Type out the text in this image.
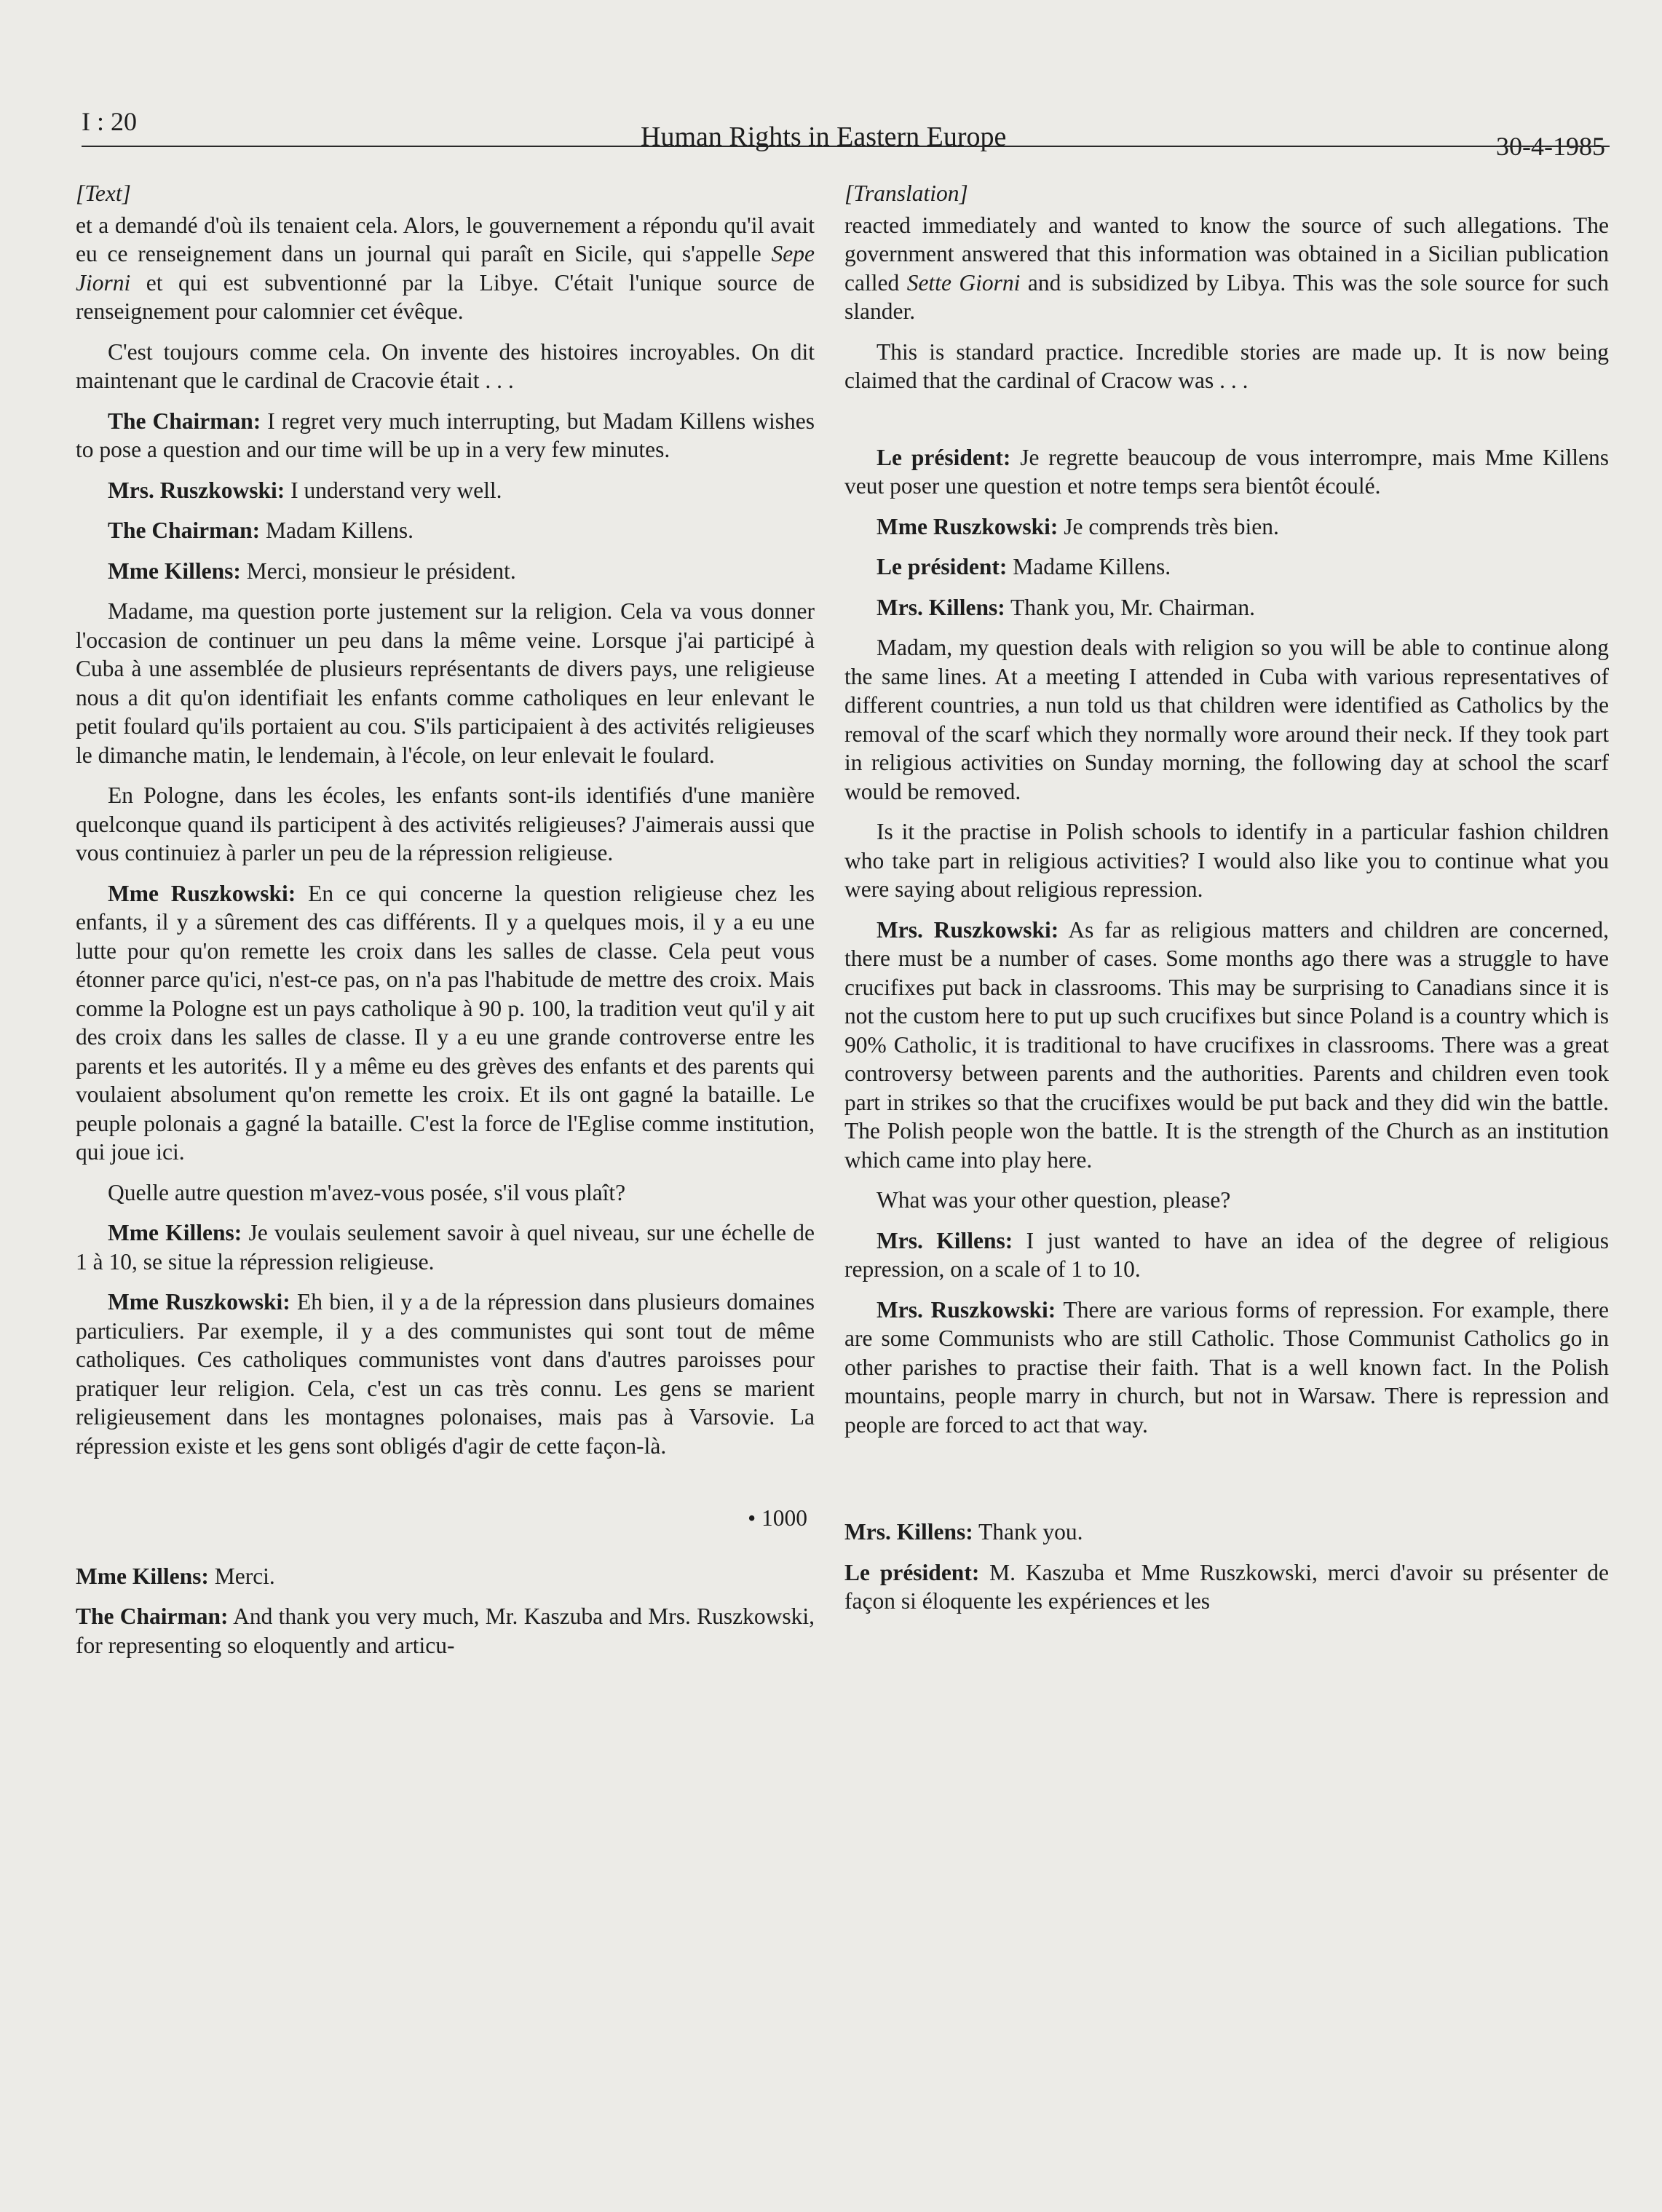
I : 20	Human Rights in Eastern Europe	30-4-1985
[Text]

et a demandé d'où ils tenaient cela. Alors, le gouvernement a répondu qu'il avait eu ce renseignement dans un journal qui paraît en Sicile, qui s'appelle Sepe Jiorni et qui est subventionné par la Libye. C'était l'unique source de renseignement pour calomnier cet évêque.

C'est toujours comme cela. On invente des histoires incroyables. On dit maintenant que le cardinal de Cracovie était . . .

The Chairman: I regret very much interrupting, but Madam Killens wishes to pose a question and our time will be up in a very few minutes.

Mrs. Ruszkowski: I understand very well.

The Chairman: Madam Killens.

Mme Killens: Merci, monsieur le président.

Madame, ma question porte justement sur la religion. Cela va vous donner l'occasion de continuer un peu dans la même veine. Lorsque j'ai participé à Cuba à une assemblée de plusieurs représentants de divers pays, une religieuse nous a dit qu'on identifiait les enfants comme catholiques en leur enlevant le petit foulard qu'ils portaient au cou. S'ils participaient à des activités religieuses le dimanche matin, le lendemain, à l'école, on leur enlevait le foulard.

En Pologne, dans les écoles, les enfants sont-ils identifiés d'une manière quelconque quand ils participent à des activités religieuses? J'aimerais aussi que vous continuiez à parler un peu de la répression religieuse.

Mme Ruszkowski: En ce qui concerne la question religieuse chez les enfants, il y a sûrement des cas différents. Il y a quelques mois, il y a eu une lutte pour qu'on remette les croix dans les salles de classe. Cela peut vous étonner parce qu'ici, n'est-ce pas, on n'a pas l'habitude de mettre des croix. Mais comme la Pologne est un pays catholique à 90 p. 100, la tradition veut qu'il y ait des croix dans les salles de classe. Il y a eu une grande controverse entre les parents et les autorités. Il y a même eu des grèves des enfants et des parents qui voulaient absolument qu'on remette les croix. Et ils ont gagné la bataille. Le peuple polonais a gagné la bataille. C'est la force de l'Eglise comme institution, qui joue ici.

Quelle autre question m'avez-vous posée, s'il vous plaît?

Mme Killens: Je voulais seulement savoir à quel niveau, sur une échelle de 1 à 10, se situe la répression religieuse.

Mme Ruszkowski: Eh bien, il y a de la répression dans plusieurs domaines particuliers. Par exemple, il y a des communistes qui sont tout de même catholiques. Ces catholiques communistes vont dans d'autres paroisses pour pratiquer leur religion. Cela, c'est un cas très connu. Les gens se marient religieusement dans les montagnes polonaises, mais pas à Varsovie. La répression existe et les gens sont obligés d'agir de cette façon-là.

• 1000

Mme Killens: Merci.

The Chairman: And thank you very much, Mr. Kaszuba and Mrs. Ruszkowski, for representing so eloquently and articu-

[Translation]

reacted immediately and wanted to know the source of such allegations. The government answered that this information was obtained in a Sicilian publication called Sette Giorni and is subsidized by Libya. This was the sole source for such slander.

This is standard practice. Incredible stories are made up. It is now being claimed that the cardinal of Cracow was . . .

Le président: Je regrette beaucoup de vous interrompre, mais Mme Killens veut poser une question et notre temps sera bientôt écoulé.

Mme Ruszkowski: Je comprends très bien.

Le président: Madame Killens.

Mrs. Killens: Thank you, Mr. Chairman.

Madam, my question deals with religion so you will be able to continue along the same lines. At a meeting I attended in Cuba with various representatives of different countries, a nun told us that children were identified as Catholics by the removal of the scarf which they normally wore around their neck. If they took part in religious activities on Sunday morning, the following day at school the scarf would be removed.

Is it the practise in Polish schools to identify in a particular fashion children who take part in religious activities? I would also like you to continue what you were saying about religious repression.

Mrs. Ruszkowski: As far as religious matters and children are concerned, there must be a number of cases. Some months ago there was a struggle to have crucifixes put back in classrooms. This may be surprising to Canadians since it is not the custom here to put up such crucifixes but since Poland is a country which is 90% Catholic, it is traditional to have crucifixes in classrooms. There was a great controversy between parents and the authorities. Parents and children even took part in strikes so that the crucifixes would be put back and they did win the battle. The Polish people won the battle. It is the strength of the Church as an institution which came into play here.

What was your other question, please?

Mrs. Killens: I just wanted to have an idea of the degree of religious repression, on a scale of 1 to 10.

Mrs. Ruszkowski: There are various forms of repression. For example, there are some Communists who are still Catholic. Those Communist Catholics go in other parishes to practise their faith. That is a well known fact. In the Polish mountains, people marry in church, but not in Warsaw. There is repression and people are forced to act that way.

Mrs. Killens: Thank you.

Le président: M. Kaszuba et Mme Ruszkowski, merci d'avoir su présenter de façon si éloquente les expériences et les
